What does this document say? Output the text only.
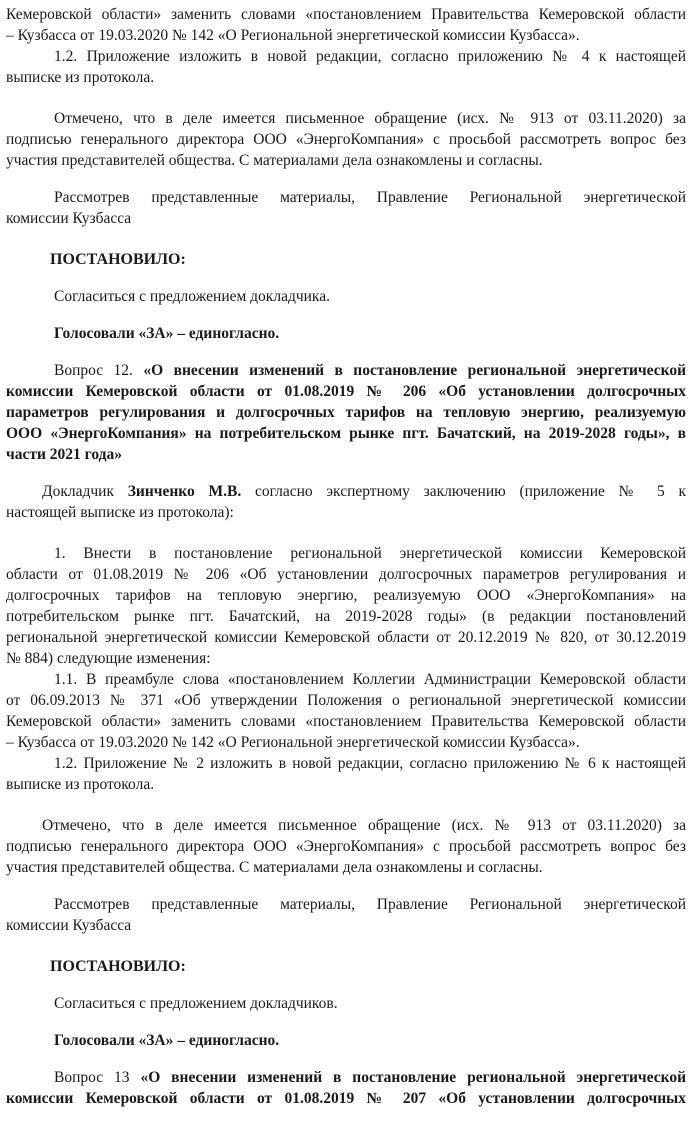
Кемеровской области» заменить словами «постановлением Правительства Кемеровской области
– Кузбасса от 19.03.2020 № 142 «О Региональной энергетической комиссии Кузбасса».
1.2. Приложение изложить в новой редакции, согласно приложению № 4 к настоящей
выписке из протокола.
Отмечено, что в деле имеется письменное обращение (исх. № 913 от 03.11.2020) за
подписью генерального директора ООО «ЭнергоКомпания» с просьбой рассмотреть вопрос без
участия представителей общества. С материалами дела ознакомлены и согласны.
Рассмотрев представленные материалы, Правление Региональной энергетической
комиссии Кузбасса
ПОСТАНОВИЛО:
Согласиться с предложением докладчика.
Голосовали «ЗА» – единогласно.
Вопрос 12. «О внесении изменений в постановление региональной энергетической
комиссии Кемеровской области от 01.08.2019 № 206 «Об установлении долгосрочных
параметров регулирования и долгосрочных тарифов на тепловую энергию, реализуемую
ООО «ЭнергоКомпания» на потребительском рынке пгт. Бачатский, на 2019-2028 годы», в
части 2021 года»
Докладчик Зинченко М.В. согласно экспертному заключению (приложение № 5 к
настоящей выписке из протокола):
1. Внести в постановление региональной энергетической комиссии Кемеровской
области от 01.08.2019 № 206 «Об установлении долгосрочных параметров регулирования и
долгосрочных тарифов на тепловую энергию, реализуемую ООО «ЭнергоКомпания» на
потребительском рынке пгт. Бачатский, на 2019-2028 годы» (в редакции постановлений
региональной энергетической комиссии Кемеровской области от 20.12.2019 № 820, от 30.12.2019
№ 884) следующие изменения:
1.1. В преамбуле слова «постановлением Коллегии Администрации Кемеровской области
от 06.09.2013 № 371 «Об утверждении Положения о региональной энергетической комиссии
Кемеровской области» заменить словами «постановлением Правительства Кемеровской области
– Кузбасса от 19.03.2020 № 142 «О Региональной энергетической комиссии Кузбасса».
1.2. Приложение № 2 изложить в новой редакции, согласно приложению № 6 к настоящей
выписке из протокола.
Отмечено, что в деле имеется письменное обращение (исх. № 913 от 03.11.2020) за
подписью генерального директора ООО «ЭнергоКомпания» с просьбой рассмотреть вопрос без
участия представителей общества. С материалами дела ознакомлены и согласны.
Рассмотрев представленные материалы, Правление Региональной энергетической
комиссии Кузбасса
ПОСТАНОВИЛО:
Согласиться с предложением докладчиков.
Голосовали «ЗА» – единогласно.
Вопрос 13 «О внесении изменений в постановление региональной энергетической
комиссии Кемеровской области от 01.08.2019 № 207 «Об установлении долгосрочных
